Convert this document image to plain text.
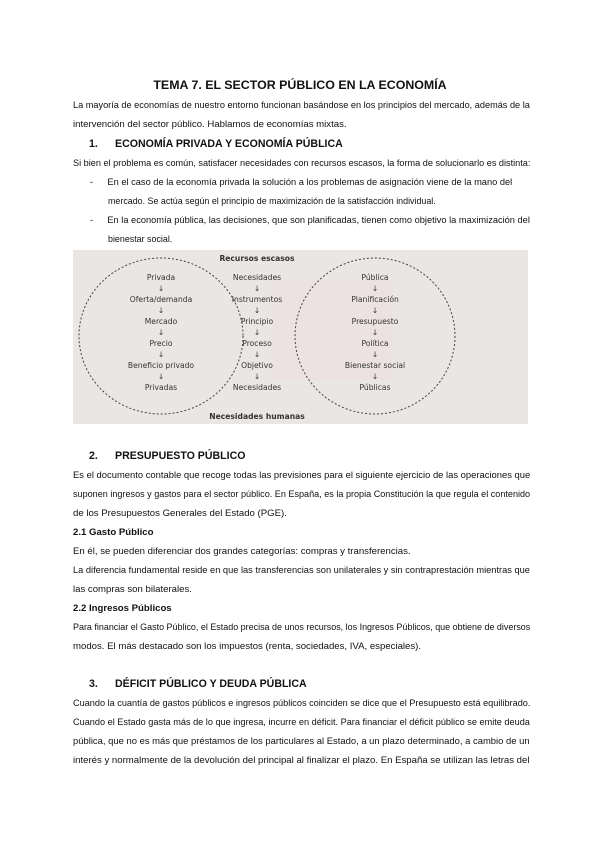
TEMA 7. EL SECTOR PÚBLICO EN LA ECONOMÍA
La mayoría de economías de nuestro entorno funcionan basándose en los principios del mercado, además de la
intervención del sector público. Hablamos de economías mixtas.
1. ECONOMÍA PRIVADA Y ECONOMÍA PÚBLICA
Si bien el problema es común, satisfacer necesidades con recursos escasos, la forma de solucionarlo es distinta:
- En el caso de la economía privada la solución a los problemas de asignación viene de la mano del
mercado. Se actúa según el principio de maximización de la satisfacción individual.
- En la economía pública, las decisiones, que son planificadas, tienen como objetivo la maximización del
bienestar social.
Recursos escasos
Necesidades humanas
Privada
↓
Oferta/demanda
↓
Mercado
↓
Precio
↓
Beneficio privado
↓
Privadas
Necesidades
↓
Instrumentos
↓
Principio
↓
Proceso
↓
Objetivo
↓
Necesidades
Pública
↓
Planificación
↓
Presupuesto
↓
Política
↓
Bienestar social
↓
Públicas
2. PRESUPUESTO PÚBLICO
Es el documento contable que recoge todas las previsiones para el siguiente ejercicio de las operaciones que
suponen ingresos y gastos para el sector público. En España, es la propia Constitución la que regula el contenido
de los Presupuestos Generales del Estado (PGE).
2.1 Gasto Público
En él, se pueden diferenciar dos grandes categorías: compras y transferencias.
La diferencia fundamental reside en que las transferencias son unilaterales y sin contraprestación mientras que
las compras son bilaterales.
2.2 Ingresos Públicos
Para financiar el Gasto Público, el Estado precisa de unos recursos, los Ingresos Públicos, que obtiene de diversos
modos. El más destacado son los impuestos (renta, sociedades, IVA, especiales).
3. DÉFICIT PÚBLICO Y DEUDA PÚBLICA
Cuando la cuantía de gastos públicos e ingresos públicos coinciden se dice que el Presupuesto está equilibrado.
Cuando el Estado gasta más de lo que ingresa, incurre en déficit. Para financiar el déficit público se emite deuda
pública, que no es más que préstamos de los particulares al Estado, a un plazo determinado, a cambio de un
interés y normalmente de la devolución del principal al finalizar el plazo. En España se utilizan las letras del
